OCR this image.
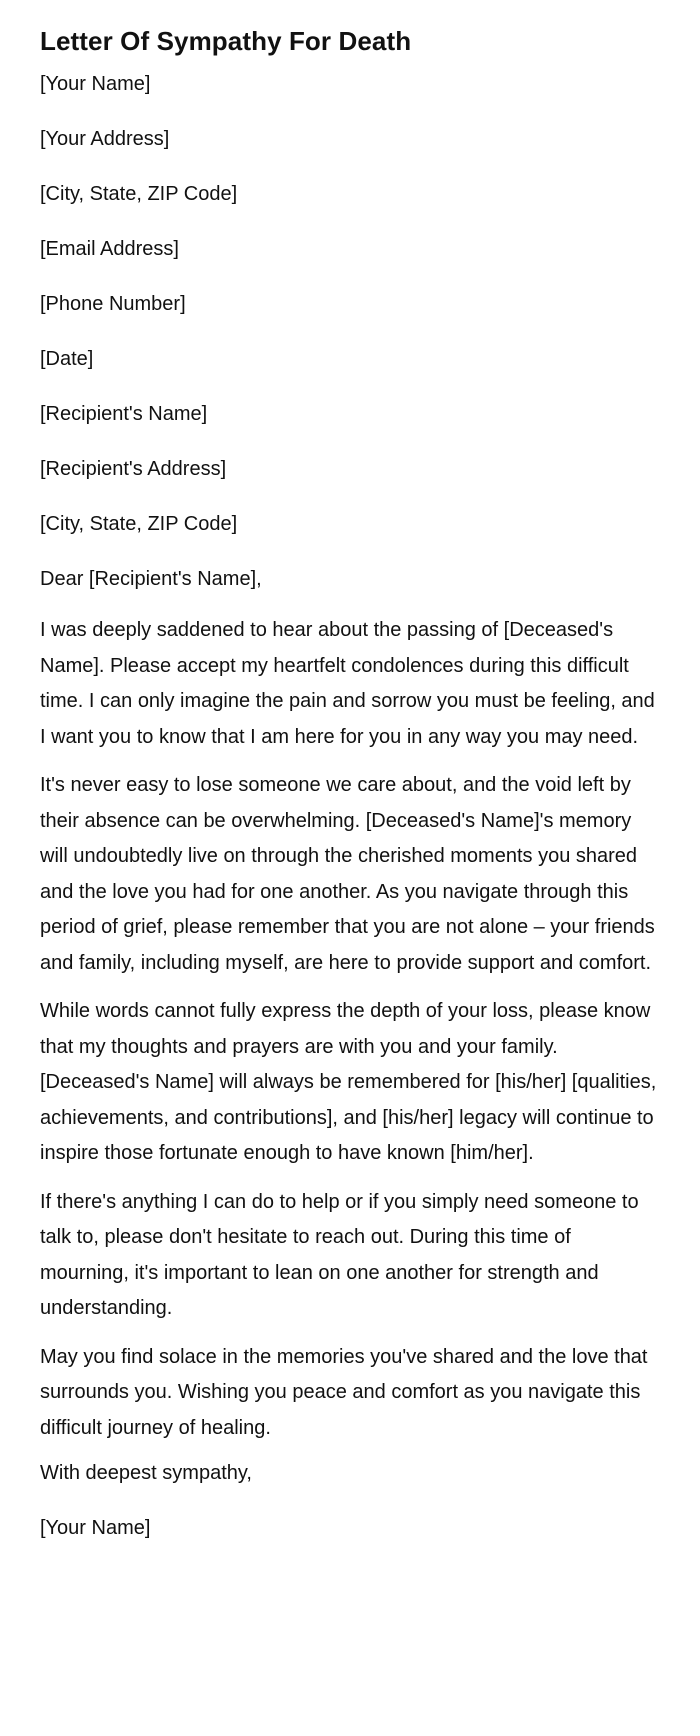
Letter Of Sympathy For Death

[Your Name]

[Your Address]

[City, State, ZIP Code]

[Email Address]

[Phone Number]

[Date]

[Recipient's Name]

[Recipient's Address]

[City, State, ZIP Code]

Dear [Recipient's Name],

I was deeply saddened to hear about the passing of [Deceased's Name]. Please accept my heartfelt condolences during this difficult time. I can only imagine the pain and sorrow you must be feeling, and I want you to know that I am here for you in any way you may need.

It's never easy to lose someone we care about, and the void left by their absence can be overwhelming. [Deceased's Name]'s memory will undoubtedly live on through the cherished moments you shared and the love you had for one another. As you navigate through this period of grief, please remember that you are not alone – your friends and family, including myself, are here to provide support and comfort.

While words cannot fully express the depth of your loss, please know that my thoughts and prayers are with you and your family. [Deceased's Name] will always be remembered for [his/her] [qualities, achievements, and contributions], and [his/her] legacy will continue to inspire those fortunate enough to have known [him/her].

If there's anything I can do to help or if you simply need someone to talk to, please don't hesitate to reach out. During this time of mourning, it's important to lean on one another for strength and understanding.

May you find solace in the memories you've shared and the love that surrounds you. Wishing you peace and comfort as you navigate this difficult journey of healing.

With deepest sympathy,

[Your Name]
